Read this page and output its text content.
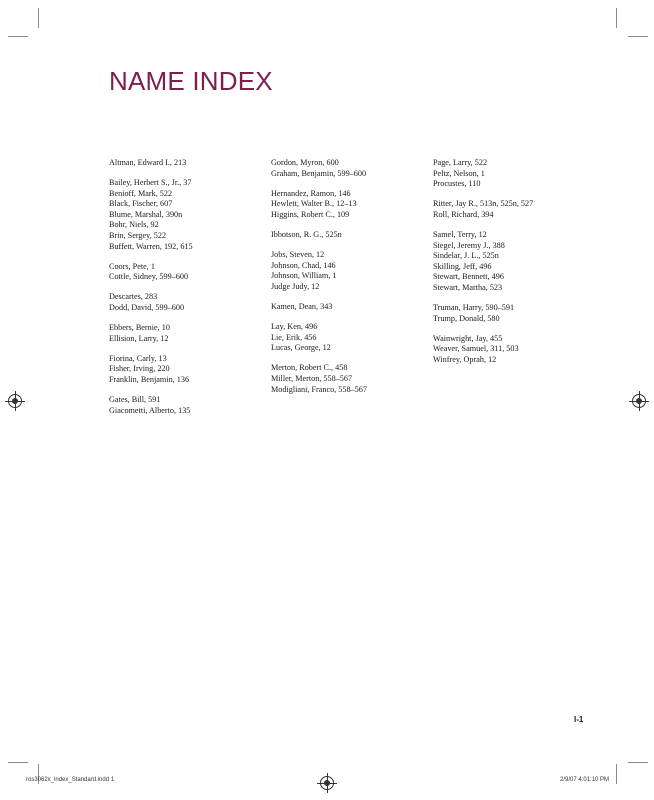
NAME INDEX
Altman, Edward I., 213
Bailey, Herbert S., Jr., 37
Benioff, Mark, 522
Black, Fischer, 607
Blume, Marshal, 390n
Bohr, Niels, 92
Brin, Sergey, 522
Buffett, Warren, 192, 615
Coors, Pete, 1
Cottle, Sidney, 599–600
Descartes, 283
Dodd, David, 599–600
Ebbers, Bernie, 10
Ellision, Larry, 12
Fiorina, Carly, 13
Fisher, Irving, 220
Franklin, Benjamin, 136
Gates, Bill, 591
Giacometti, Alberto, 135
Gordon, Myron, 600
Graham, Benjamin, 599–600
Hernandez, Ramon, 146
Hewlett, Walter B., 12–13
Higgins, Robert C., 109
Ibbotson, R. G., 525n
Jobs, Steven, 12
Johnson, Chad, 146
Johnson, William, 1
Judge Judy, 12
Kamen, Dean, 343
Lay, Ken, 496
Lie, Erik, 456
Lucas, George, 12
Merton, Robert C., 458
Miller, Merton, 558–567
Modigliani, Franco, 558–567
Page, Larry, 522
Peltz, Nelson, 1
Procustes, 110
Ritter, Jay R., 513n, 525n, 527
Roll, Richard, 394
Samel, Terry, 12
Siegel, Jeremy J., 388
Sindelar, J. L., 525n
Skilling, Jeff, 496
Stewart, Bennett, 496
Stewart, Martha, 523
Truman, Harry, 590–591
Trump, Donald, 580
Wainwright, Jay, 455
Weaver, Samuel, 311, 503
Winfrey, Oprah, 12
I-1
ros3062x_index_Standard.indd 1	2/9/07 4:01:10 PM
